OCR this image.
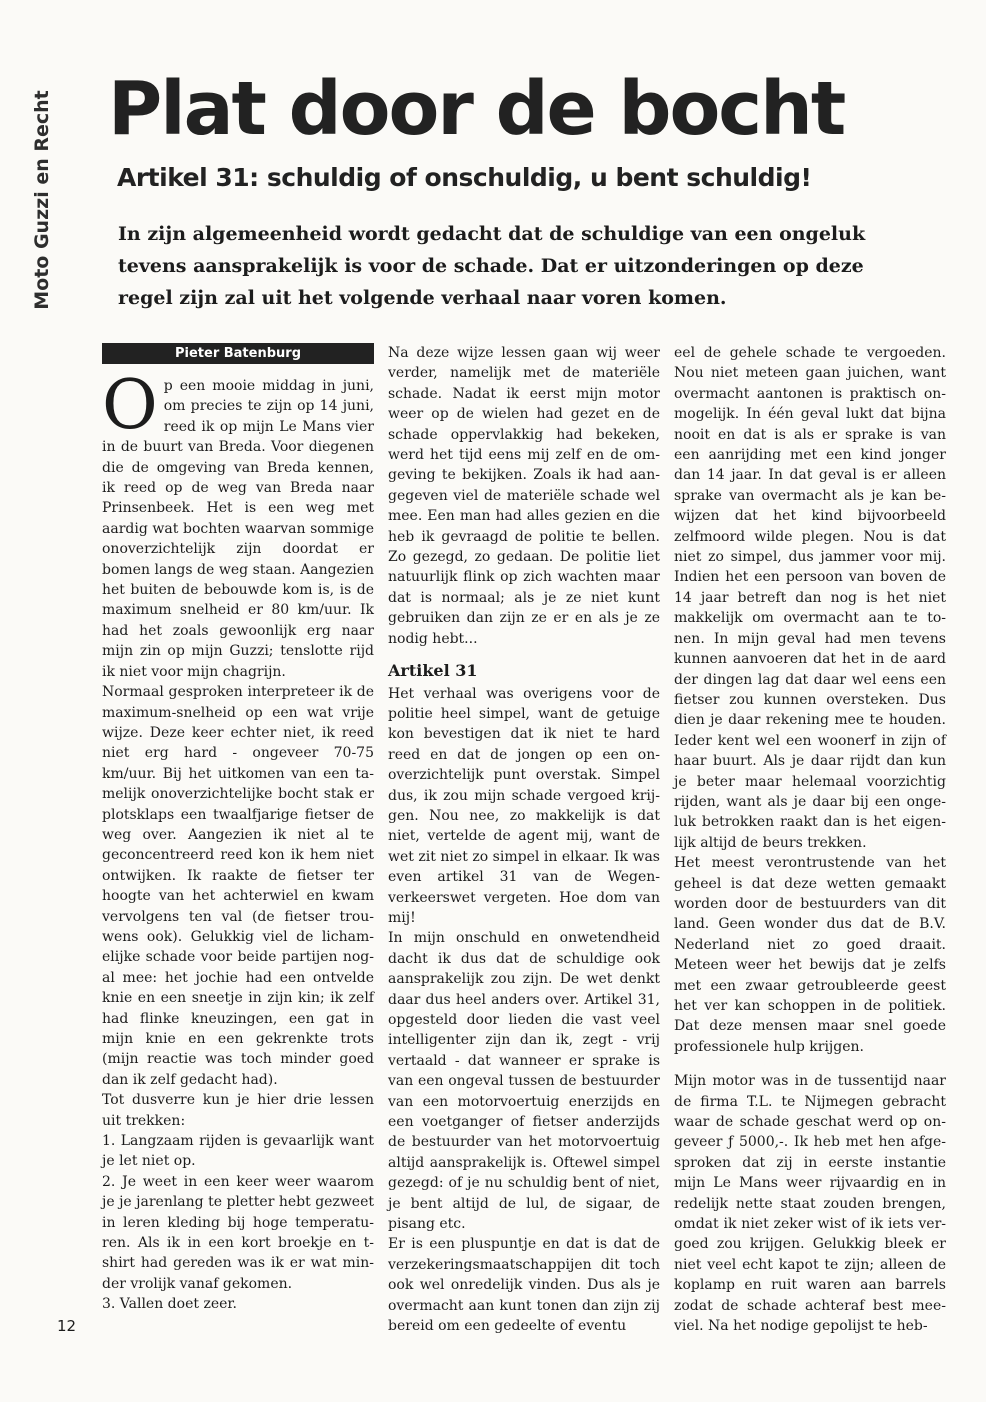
Moto Guzzi en Recht Plat door de bocht
Artikel 31: schuldig of onschuldig, u bent schuldig!

In zijn algemeenheid wordt gedacht dat de schuldige van een ongeluk tevens aansprakelijk is voor de schade. Dat er uitzonderingen op deze regel zijn zal uit het volgende verhaal naar voren komen.

Pieter Batenburg

Op een mooie middag in juni, om precies te zijn op 14 juni, reed ik op mijn Le Mans vier in de buurt van Breda. Voor diegenen die de omgeving van Breda kennen, ik reed op de weg van Breda naar Prinsenbeek. Het is een weg met aardig wat bochten waarvan sommige onoverzichtelijk zijn doordat er bomen langs de weg staan. Aangezien het buiten de bebouwde kom is, is de maximum snelheid er 80 km/uur. Ik had het zoals gewoonlijk erg naar mijn zin op mijn Guzzi; tenslotte rijd ik niet voor mijn chagrijn.

Normaal gesproken interpreteer ik de maximum-snelheid op een wat vrije wijze. Deze keer echter niet, ik reed niet erg hard - ongeveer 70-75 km/uur. Bij het uitkomen van een tamelijk onoverzichtelijke bocht stak er plotsklaps een twaalfjarige fietser de weg over. Aangezien ik niet al te geconcentreerd reed kon ik hem niet ontwijken. Ik raakte de fietser ter hoogte van het achterwiel en kwam vervolgens ten val (de fietser trouwens ook). Gelukkig viel de lichamelijke schade voor beide partijen nogal mee: het jochie had een ontvelde knie en een sneetje in zijn kin; ik zelf had flinke kneuzingen, een gat in mijn knie en een gekrenkte trots (mijn reactie was toch minder goed dan ik zelf gedacht had).

Tot dusverre kun je hier drie lessen uit trekken:

1. Langzaam rijden is gevaarlijk want je let niet op.

2. Je weet in een keer weer waarom je je jarenlang te pletter hebt gezweet in leren kleding bij hoge temperaturen. Als ik in een kort broekje en t-shirt had gereden was ik er wat minder vrolijk vanaf gekomen.

3. Vallen doet zeer.

Na deze wijze lessen gaan wij weer verder, namelijk met de materiële schade. Nadat ik eerst mijn motor weer op de wielen had gezet en de schade oppervlakkig had bekeken, werd het tijd eens mij zelf en de omgeving te bekijken. Zoals ik had aangegeven viel de materiële schade wel mee. Een man had alles gezien en die heb ik gevraagd de politie te bellen. Zo gezegd, zo gedaan. De politie liet natuurlijk flink op zich wachten maar dat is normaal; als je ze niet kunt gebruiken dan zijn ze er en als je ze nodig hebt...

Artikel 31

Het verhaal was overigens voor de politie heel simpel, want de getuige kon bevestigen dat ik niet te hard reed en dat de jongen op een onoverzichtelijk punt overstak. Simpel dus, ik zou mijn schade vergoed krijgen. Nou nee, zo makkelijk is dat niet, vertelde de agent mij, want de wet zit niet zo simpel in elkaar. Ik was even artikel 31 van de Wegenverkeerswet vergeten. Hoe dom van mij!

In mijn onschuld en onwetendheid dacht ik dus dat de schuldige ook aansprakelijk zou zijn. De wet denkt daar dus heel anders over. Artikel 31, opgesteld door lieden die vast veel intelligenter zijn dan ik, zegt - vrij vertaald - dat wanneer er sprake is van een ongeval tussen de bestuurder van een motorvoertuig enerzijds en een voetganger of fietser anderzijds de bestuurder van het motorvoertuig altijd aansprakelijk is. Oftewel simpel gezegd: of je nu schuldig bent of niet, je bent altijd de lul, de sigaar, de pisang etc.

Er is een pluspuntje en dat is dat de verzekeringsmaatschappijen dit toch ook wel onredelijk vinden. Dus als je overmacht aan kunt tonen dan zijn zij bereid om een gedeelte of eventu

eel de gehele schade te vergoeden. Nou niet meteen gaan juichen, want overmacht aantonen is praktisch onmogelijk. In één geval lukt dat bijna nooit en dat is als er sprake is van een aanrijding met een kind jonger dan 14 jaar. In dat geval is er alleen sprake van overmacht als je kan bewijzen dat het kind bijvoorbeeld zelfmoord wilde plegen. Nou is dat niet zo simpel, dus jammer voor mij. Indien het een persoon van boven de 14 jaar betreft dan nog is het niet makkelijk om overmacht aan te tonen. In mijn geval had men tevens kunnen aanvoeren dat het in de aard der dingen lag dat daar wel eens een fietser zou kunnen oversteken. Dus dien je daar rekening mee te houden. Ieder kent wel een woonerf in zijn of haar buurt. Als je daar rijdt dan kun je beter maar helemaal voorzichtig rijden, want als je daar bij een ongeluk betrokken raakt dan is het eigenlijk altijd de beurs trekken.

Het meest verontrustende van het geheel is dat deze wetten gemaakt worden door de bestuurders van dit land. Geen wonder dus dat de B.V. Nederland niet zo goed draait. Meteen weer het bewijs dat je zelfs met een zwaar getroubleerde geest het ver kan schoppen in de politiek. Dat deze mensen maar snel goede professionele hulp krijgen.

Mijn motor was in de tussentijd naar de firma T.L. te Nijmegen gebracht waar de schade geschat werd op ongeveer ƒ 5000,-. Ik heb met hen afgesproken dat zij in eerste instantie mijn Le Mans weer rijvaardig en in redelijk nette staat zouden brengen, omdat ik niet zeker wist of ik iets vergoed zou krijgen. Gelukkig bleek er niet veel echt kapot te zijn; alleen de koplamp en ruit waren aan barrels zodat de schade achteraf best meeviel. Na het nodige gepolijst te heb-

12
